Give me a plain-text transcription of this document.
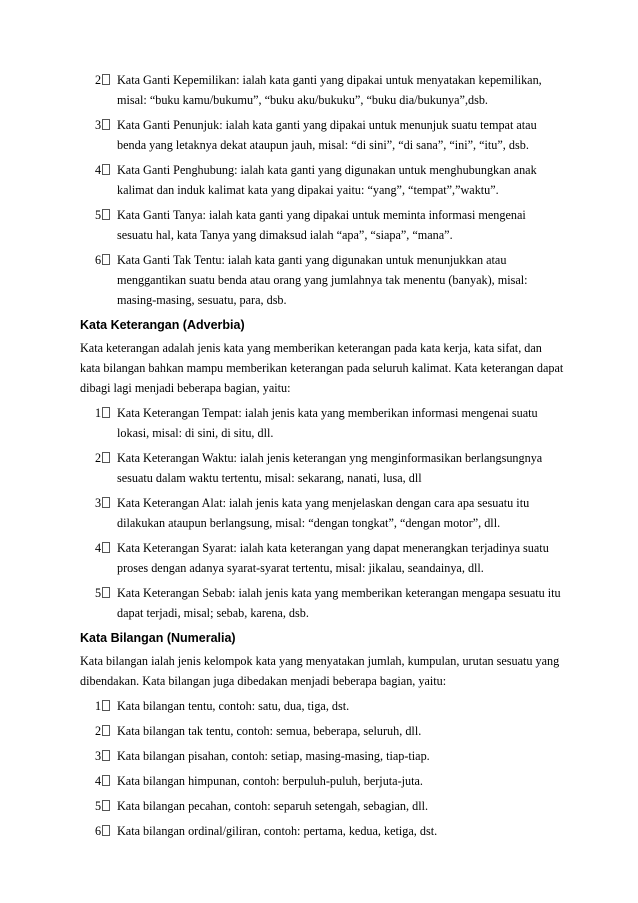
2	Kata Ganti Kepemilikan: ialah kata ganti yang dipakai untuk menyatakan kepemilikan, misal: “buku kamu/bukumu”, “buku aku/bukuku”, “buku dia/bukunya”,dsb.
3	Kata Ganti Penunjuk: ialah kata ganti yang dipakai untuk menunjuk suatu tempat atau benda yang letaknya dekat ataupun jauh, misal: “di sini”, “di sana”, “ini”, “itu”, dsb.
4	Kata Ganti Penghubung: ialah kata ganti yang digunakan untuk menghubungkan anak kalimat dan induk kalimat kata yang dipakai yaitu: “yang”, “tempat”,”waktu”.
5	Kata Ganti Tanya: ialah kata ganti yang dipakai untuk meminta informasi mengenai sesuatu hal, kata Tanya yang dimaksud ialah “apa”, “siapa”, “mana”.
6	Kata Ganti Tak Tentu: ialah kata ganti yang digunakan untuk menunjukkan atau menggantikan suatu benda atau orang yang jumlahnya tak menentu (banyak), misal: masing-masing, sesuatu, para, dsb.
Kata Keterangan (Adverbia)
Kata keterangan adalah jenis kata yang memberikan keterangan pada kata kerja, kata sifat, dan kata bilangan bahkan mampu memberikan keterangan pada seluruh kalimat. Kata keterangan dapat dibagi lagi menjadi beberapa bagian, yaitu:
1	Kata Keterangan Tempat: ialah jenis kata yang memberikan informasi mengenai suatu lokasi, misal: di sini, di situ, dll.
2	Kata Keterangan Waktu: ialah jenis keterangan yng menginformasikan berlangsungnya sesuatu dalam waktu tertentu, misal: sekarang, nanati, lusa, dll
3	Kata Keterangan Alat: ialah jenis kata yang menjelaskan dengan cara apa sesuatu itu dilakukan ataupun berlangsung, misal: “dengan tongkat”, “dengan motor”, dll.
4	Kata Keterangan Syarat: ialah kata keterangan yang dapat menerangkan terjadinya suatu proses dengan adanya syarat-syarat tertentu, misal: jikalau, seandainya, dll.
5	Kata Keterangan Sebab: ialah jenis kata yang memberikan keterangan mengapa sesuatu itu dapat terjadi, misal; sebab, karena, dsb.
Kata Bilangan (Numeralia)
Kata bilangan ialah jenis kelompok kata yang menyatakan jumlah, kumpulan, urutan sesuatu yang dibendakan. Kata bilangan juga dibedakan menjadi beberapa bagian, yaitu:
1	Kata bilangan tentu, contoh: satu, dua, tiga, dst.
2	Kata bilangan tak tentu, contoh: semua, beberapa, seluruh, dll.
3	Kata bilangan pisahan, contoh: setiap, masing-masing, tiap-tiap.
4	Kata bilangan himpunan, contoh: berpuluh-puluh, berjuta-juta.
5	Kata bilangan pecahan, contoh: separuh setengah, sebagian, dll.
6	Kata bilangan ordinal/giliran, contoh: pertama, kedua, ketiga, dst.
